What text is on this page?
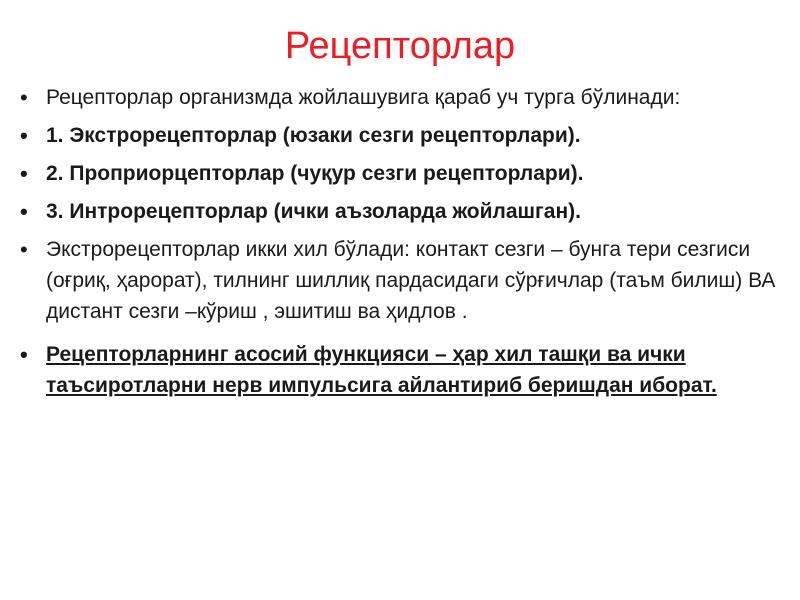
Рецепторлар
• Рецепторлар организмда жойлашувига қараб уч турга бўлинади:
• 1. Экстрорецепторлар (юзаки сезги рецепторлари).
• 2. Проприорцепторлар (чуқур сезги рецепторлари).
• 3. Интрорецепторлар (ички аъзоларда жойлашган).
• Экстрорецепторлар икки хил бўлади: контакт сезги – бунга тери сезгиси (оғриқ, ҳарорат), тилнинг шиллиқ пардасидаги сўрғичлар (таъм билиш) ВА дистант сезги –кўриш , эшитиш ва ҳидлов .
• Рецепторларнинг асосий функцияси – ҳар хил ташқи ва ички таъсиротларни нерв импульсига айлантириб беришдан иборат.
